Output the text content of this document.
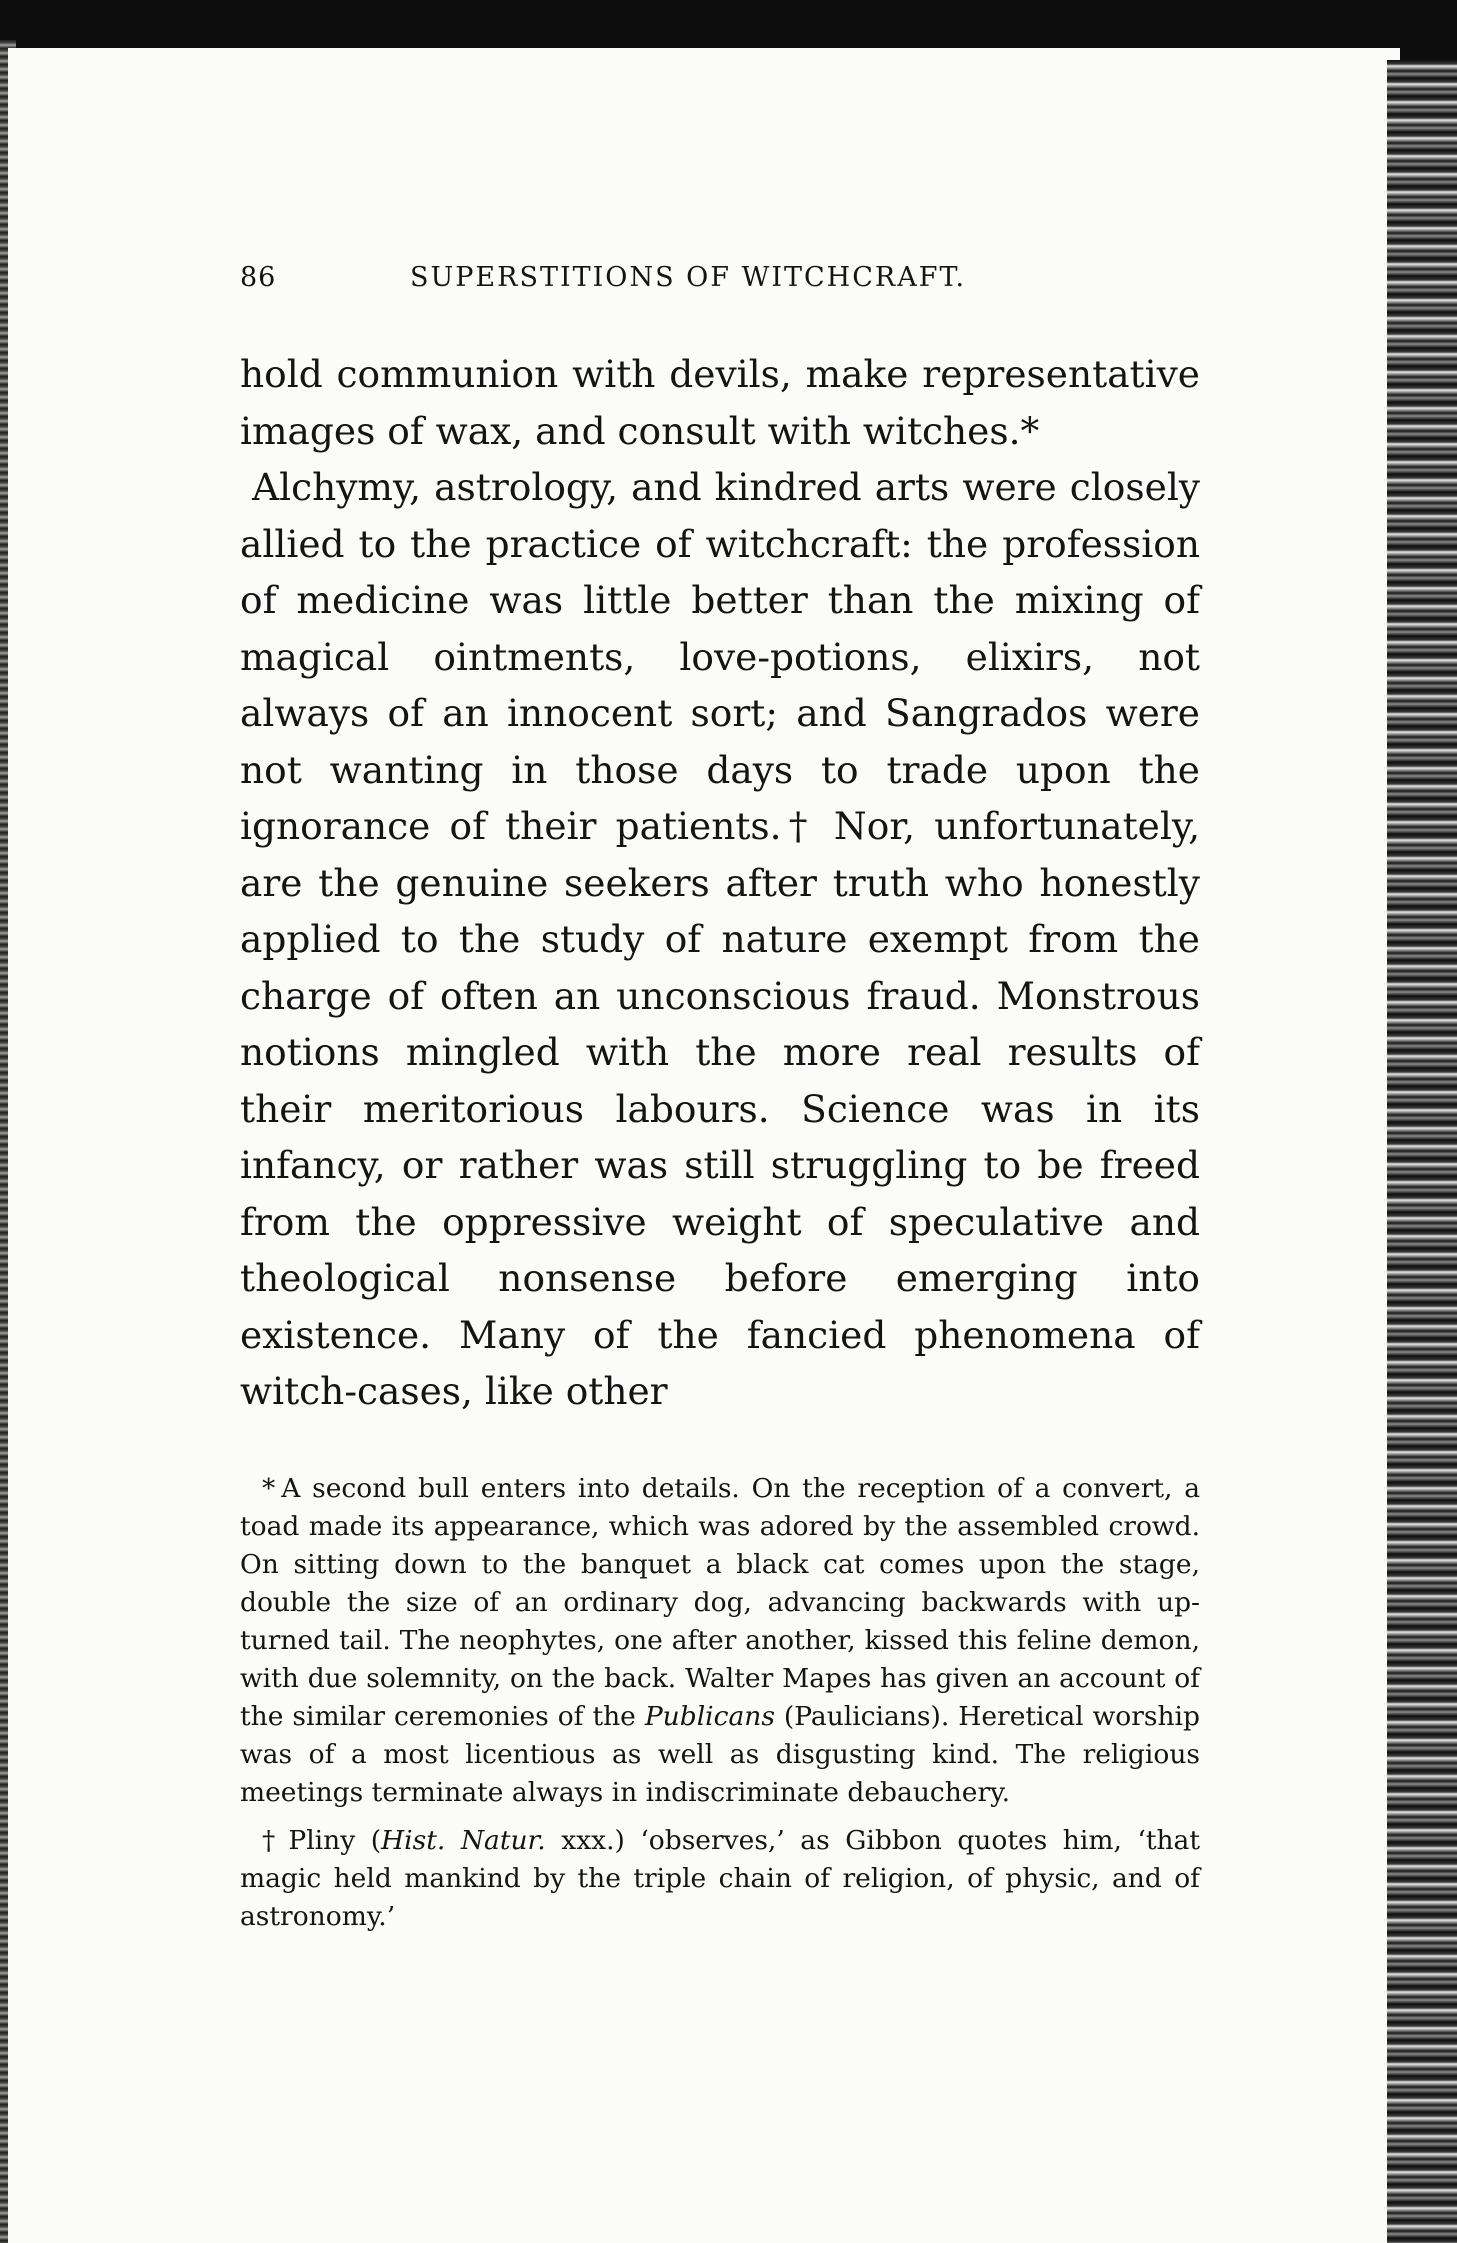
86	SUPERSTITIONS OF WITCHCRAFT.

hold communion with devils, make representative images of wax, and consult with witches.*

Alchymy, astrology, and kindred arts were closely allied to the practice of witchcraft: the profession of medicine was little better than the mixing of magical ointments, love-potions, elixirs, not always of an innocent sort; and Sangrados were not wanting in those days to trade upon the ignorance of their patients.† Nor, unfortunately, are the genuine seekers after truth who honestly applied to the study of nature exempt from the charge of often an unconscious fraud. Monstrous notions mingled with the more real results of their meritorious labours. Science was in its infancy, or rather was still struggling to be freed from the oppressive weight of speculative and theological nonsense before emerging into existence. Many of the fancied phenomena of witch-cases, like other

* A second bull enters into details. On the reception of a convert, a toad made its appearance, which was adored by the assembled crowd. On sitting down to the banquet a black cat comes upon the stage, double the size of an ordinary dog, advancing backwards with up-turned tail. The neophytes, one after another, kissed this feline demon, with due solemnity, on the back. Walter Mapes has given an account of the similar ceremonies of the Publicans (Paulicians). Heretical worship was of a most licentious as well as disgusting kind. The religious meetings terminate always in indiscriminate debauchery.

† Pliny (Hist. Natur. xxx.) ‘observes,’ as Gibbon quotes him, ‘that magic held mankind by the triple chain of religion, of physic, and of astronomy.’
